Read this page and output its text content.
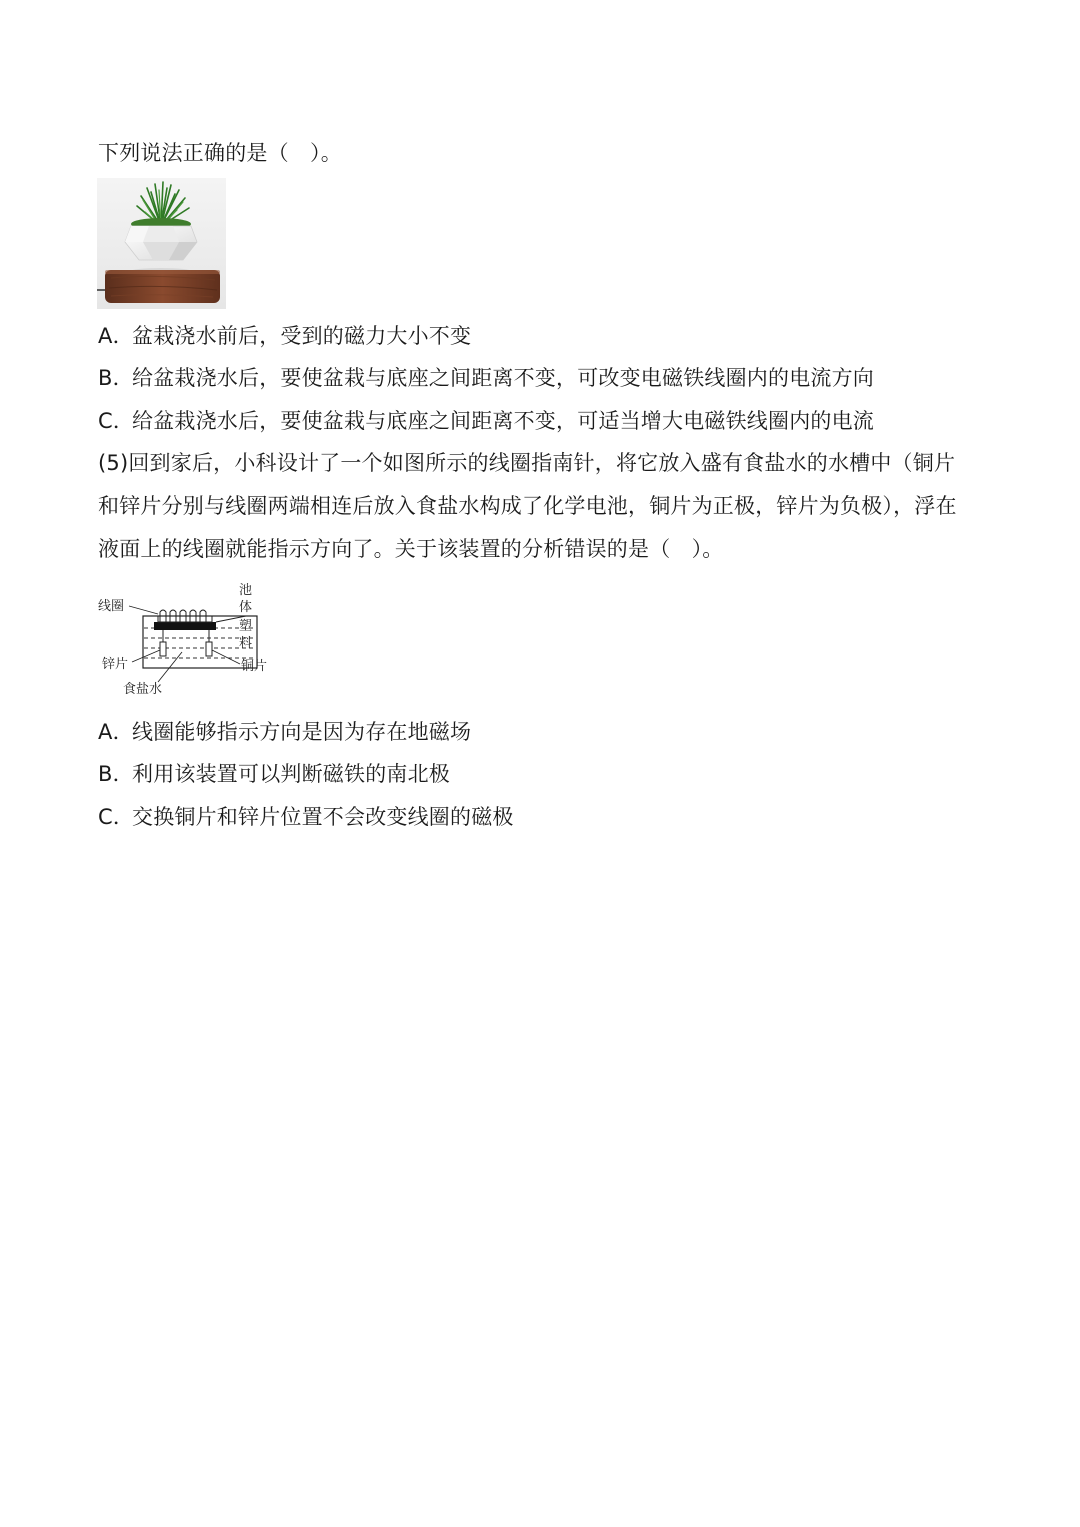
下列说法正确的是（　）。
A．盆栽浇水前后，受到的磁力大小不变
B．给盆栽浇水后，要使盆栽与底座之间距离不变，可改变电磁铁线圈内的电流方向
C．给盆栽浇水后，要使盆栽与底座之间距离不变，可适当增大电磁铁线圈内的电流
(5)回到家后，小科设计了一个如图所示的线圈指南针，将它放入盛有食盐水的水槽中（铜片
和锌片分别与线圈两端相连后放入食盐水构成了化学电池，铜片为正极，锌片为负极），浮在
液面上的线圈就能指示方向了。关于该装置的分析错误的是（　）。
线圈
池
体
塑
料
锌片	铜片
食盐水
A．线圈能够指示方向是因为存在地磁场
B．利用该装置可以判断磁铁的南北极
C．交换铜片和锌片位置不会改变线圈的磁极
